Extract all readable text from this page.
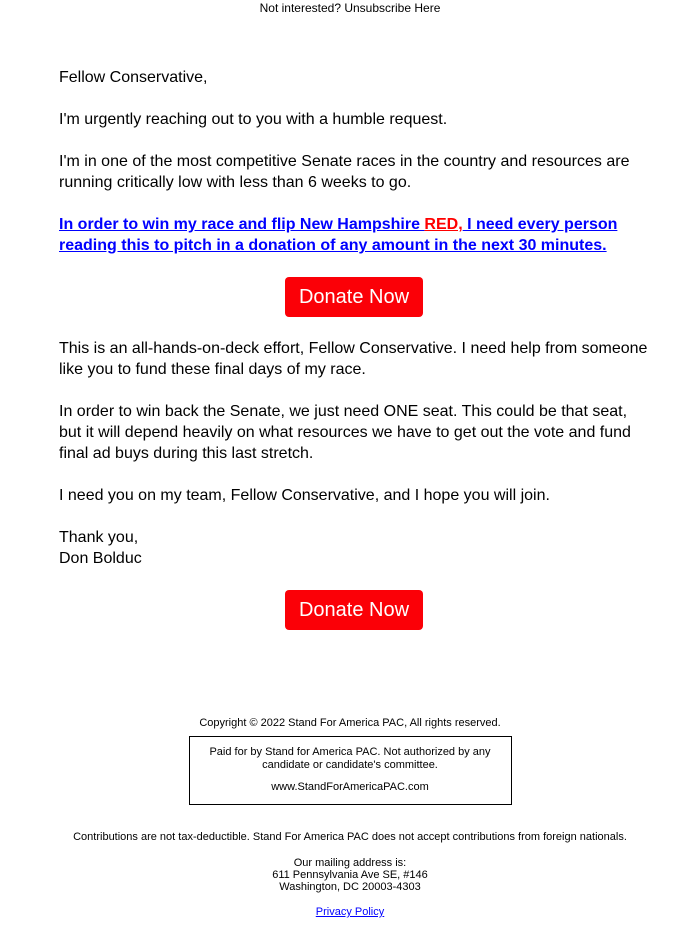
Not interested? Unsubscribe Here

Fellow Conservative,

I'm urgently reaching out to you with a humble request.

I'm in one of the most competitive Senate races in the country and resources are running critically low with less than 6 weeks to go.

In order to win my race and flip New Hampshire RED, I need every person reading this to pitch in a donation of any amount in the next 30 minutes.

Donate Now

This is an all-hands-on-deck effort, Fellow Conservative. I need help from someone like you to fund these final days of my race.

In order to win back the Senate, we just need ONE seat. This could be that seat, but it will depend heavily on what resources we have to get out the vote and fund final ad buys during this last stretch.

I need you on my team, Fellow Conservative, and I hope you will join.

Thank you,
Don Bolduc

Donate Now
Copyright © 2022 Stand For America PAC, All rights reserved.

Paid for by Stand for America PAC. Not authorized by any candidate or candidate's committee.

www.StandForAmericaPAC.com

Contributions are not tax-deductible. Stand For America PAC does not accept contributions from foreign nationals.
Our mailing address is:
611 Pennsylvania Ave SE, #146
Washington, DC 20003-4303
Privacy Policy
